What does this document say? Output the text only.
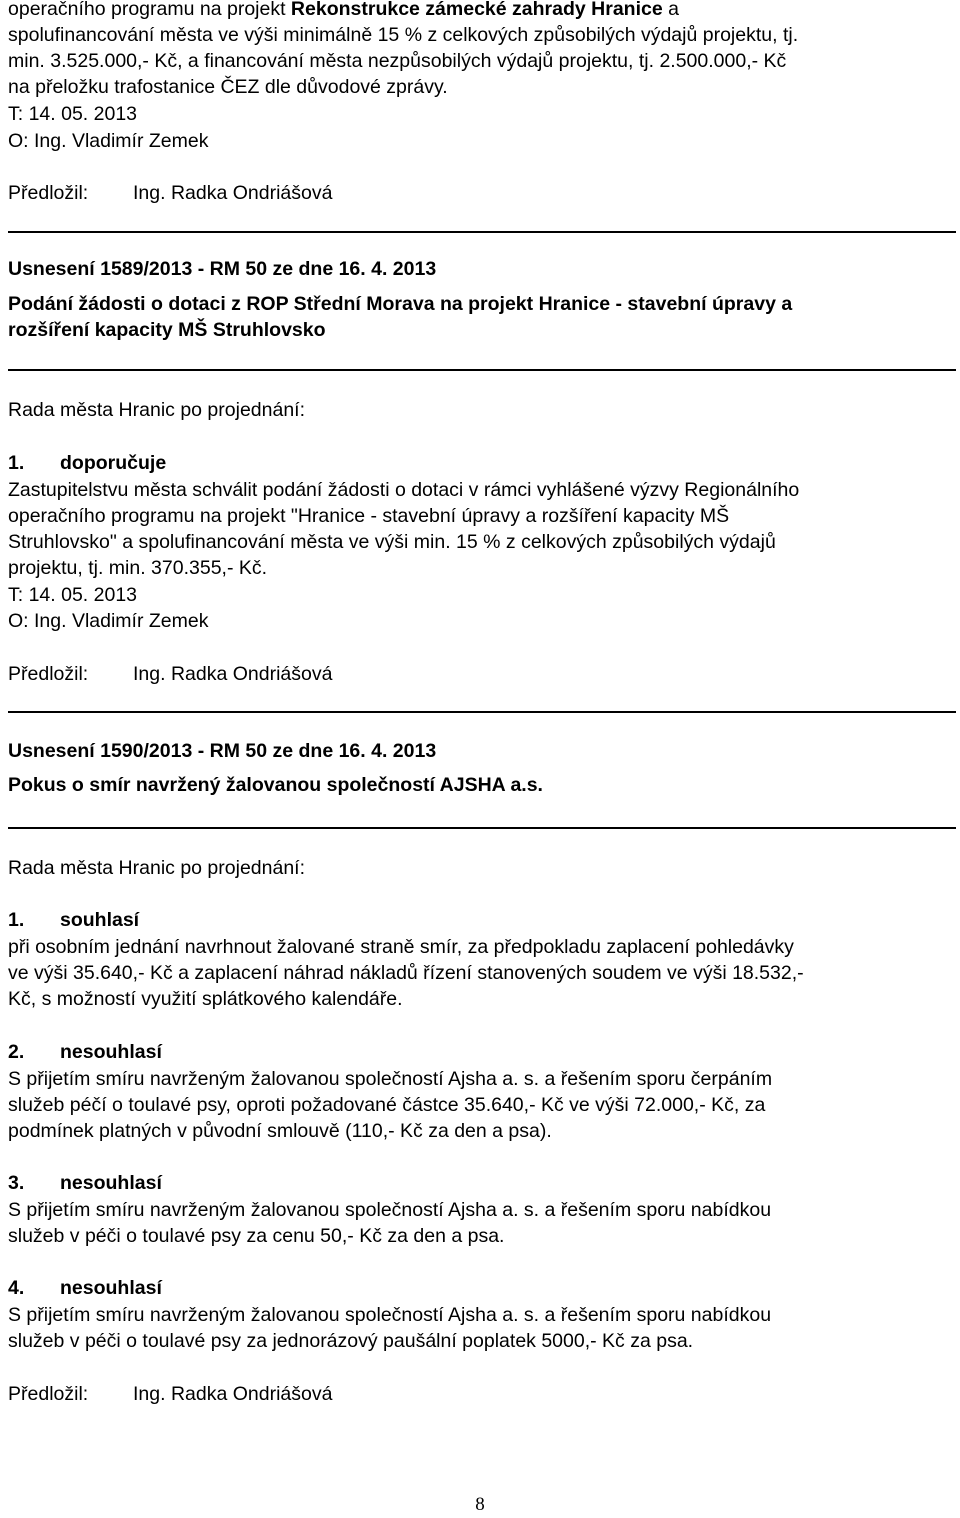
operačního programu na projekt Rekonstrukce zámecké zahrady Hranice a
spolufinancování města ve výši minimálně 15 % z celkových způsobilých výdajů projektu, tj.
min. 3.525.000,- Kč, a financování města nezpůsobilých výdajů projektu, tj. 2.500.000,- Kč
na přeložku trafostanice ČEZ dle důvodové zprávy.
T: 14. 05. 2013
O: Ing. Vladimír Zemek
Předložil: Ing. Radka Ondriášová
Usnesení 1589/2013 - RM 50 ze dne 16. 4. 2013
Podání žádosti o dotaci z ROP Střední Morava na projekt Hranice - stavební úpravy a
rozšíření kapacity MŠ Struhlovsko
Rada města Hranic po projednání:
1. doporučuje
Zastupitelstvu města schválit podání žádosti o dotaci v rámci vyhlášené výzvy Regionálního
operačního programu na projekt "Hranice - stavební úpravy a rozšíření kapacity MŠ
Struhlovsko" a spolufinancování města ve výši min. 15 % z celkových způsobilých výdajů
projektu, tj. min. 370.355,- Kč.
T: 14. 05. 2013
O: Ing. Vladimír Zemek
Předložil: Ing. Radka Ondriášová
Usnesení 1590/2013 - RM 50 ze dne 16. 4. 2013
Pokus o smír navržený žalovanou společností AJSHA a.s.
Rada města Hranic po projednání:
1. souhlasí
při osobním jednání navrhnout žalované straně smír, za předpokladu zaplacení pohledávky
ve výši 35.640,- Kč a zaplacení náhrad nákladů řízení stanovených soudem ve výši 18.532,-
Kč, s možností využití splátkového kalendáře.
2. nesouhlasí
S přijetím smíru navrženým žalovanou společností Ajsha a. s. a řešením sporu čerpáním
služeb péčí o toulavé psy, oproti požadované částce 35.640,- Kč ve výši 72.000,- Kč, za
podmínek platných v původní smlouvě (110,- Kč za den a psa).
3. nesouhlasí
S přijetím smíru navrženým žalovanou společností Ajsha a. s. a řešením sporu nabídkou
služeb v péči o toulavé psy za cenu 50,- Kč za den a psa.
4. nesouhlasí
S přijetím smíru navrženým žalovanou společností Ajsha a. s. a řešením sporu nabídkou
služeb v péči o toulavé psy za jednorázový paušální poplatek 5000,- Kč za psa.
Předložil: Ing. Radka Ondriášová
8
